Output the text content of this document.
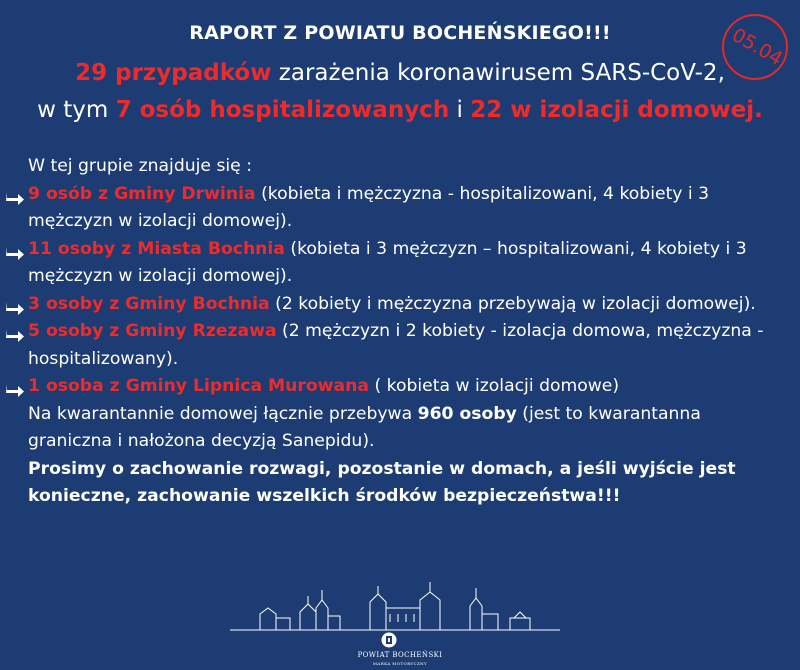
RAPORT Z POWIATU BOCHEŃSKIEGO!!!	05.04
29 przypadków zarażenia koronawirusem SARS-CoV-2,
w tym 7 osób hospitalizowanych i 22 w izolacji domowej.

W tej grupie znajduje się :

9 osób z Gminy Drwinia (kobieta i mężczyzna - hospitalizowani, 4 kobiety i 3 mężczyzn w izolacji domowej).
11 osoby z Miasta Bochnia (kobieta i 3 mężczyzn – hospitalizowani, 4 kobiety i 3 mężczyzn w izolacji domowej).
3 osoby z Gminy Bochnia (2 kobiety i mężczyzna przebywają w izolacji domowej).
5 osoby z Gminy Rzezawa (2 mężczyzn i 2 kobiety - izolacja domowa, mężczyzna - hospitalizowany).
1 osoba z Gminy Lipnica Murowana ( kobieta w izolacji domowe)

Na kwarantannie domowej łącznie przebywa 960 osoby (jest to kwarantanna graniczna i nałożona decyzją Sanepidu).

Prosimy o zachowanie rozwagi, pozostanie w domach, a jeśli wyjście jest konieczne, zachowanie wszelkich środków bezpieczeństwa!!!

POWIAT BOCHEŃSKI
MARKA MOTORYCZNY
